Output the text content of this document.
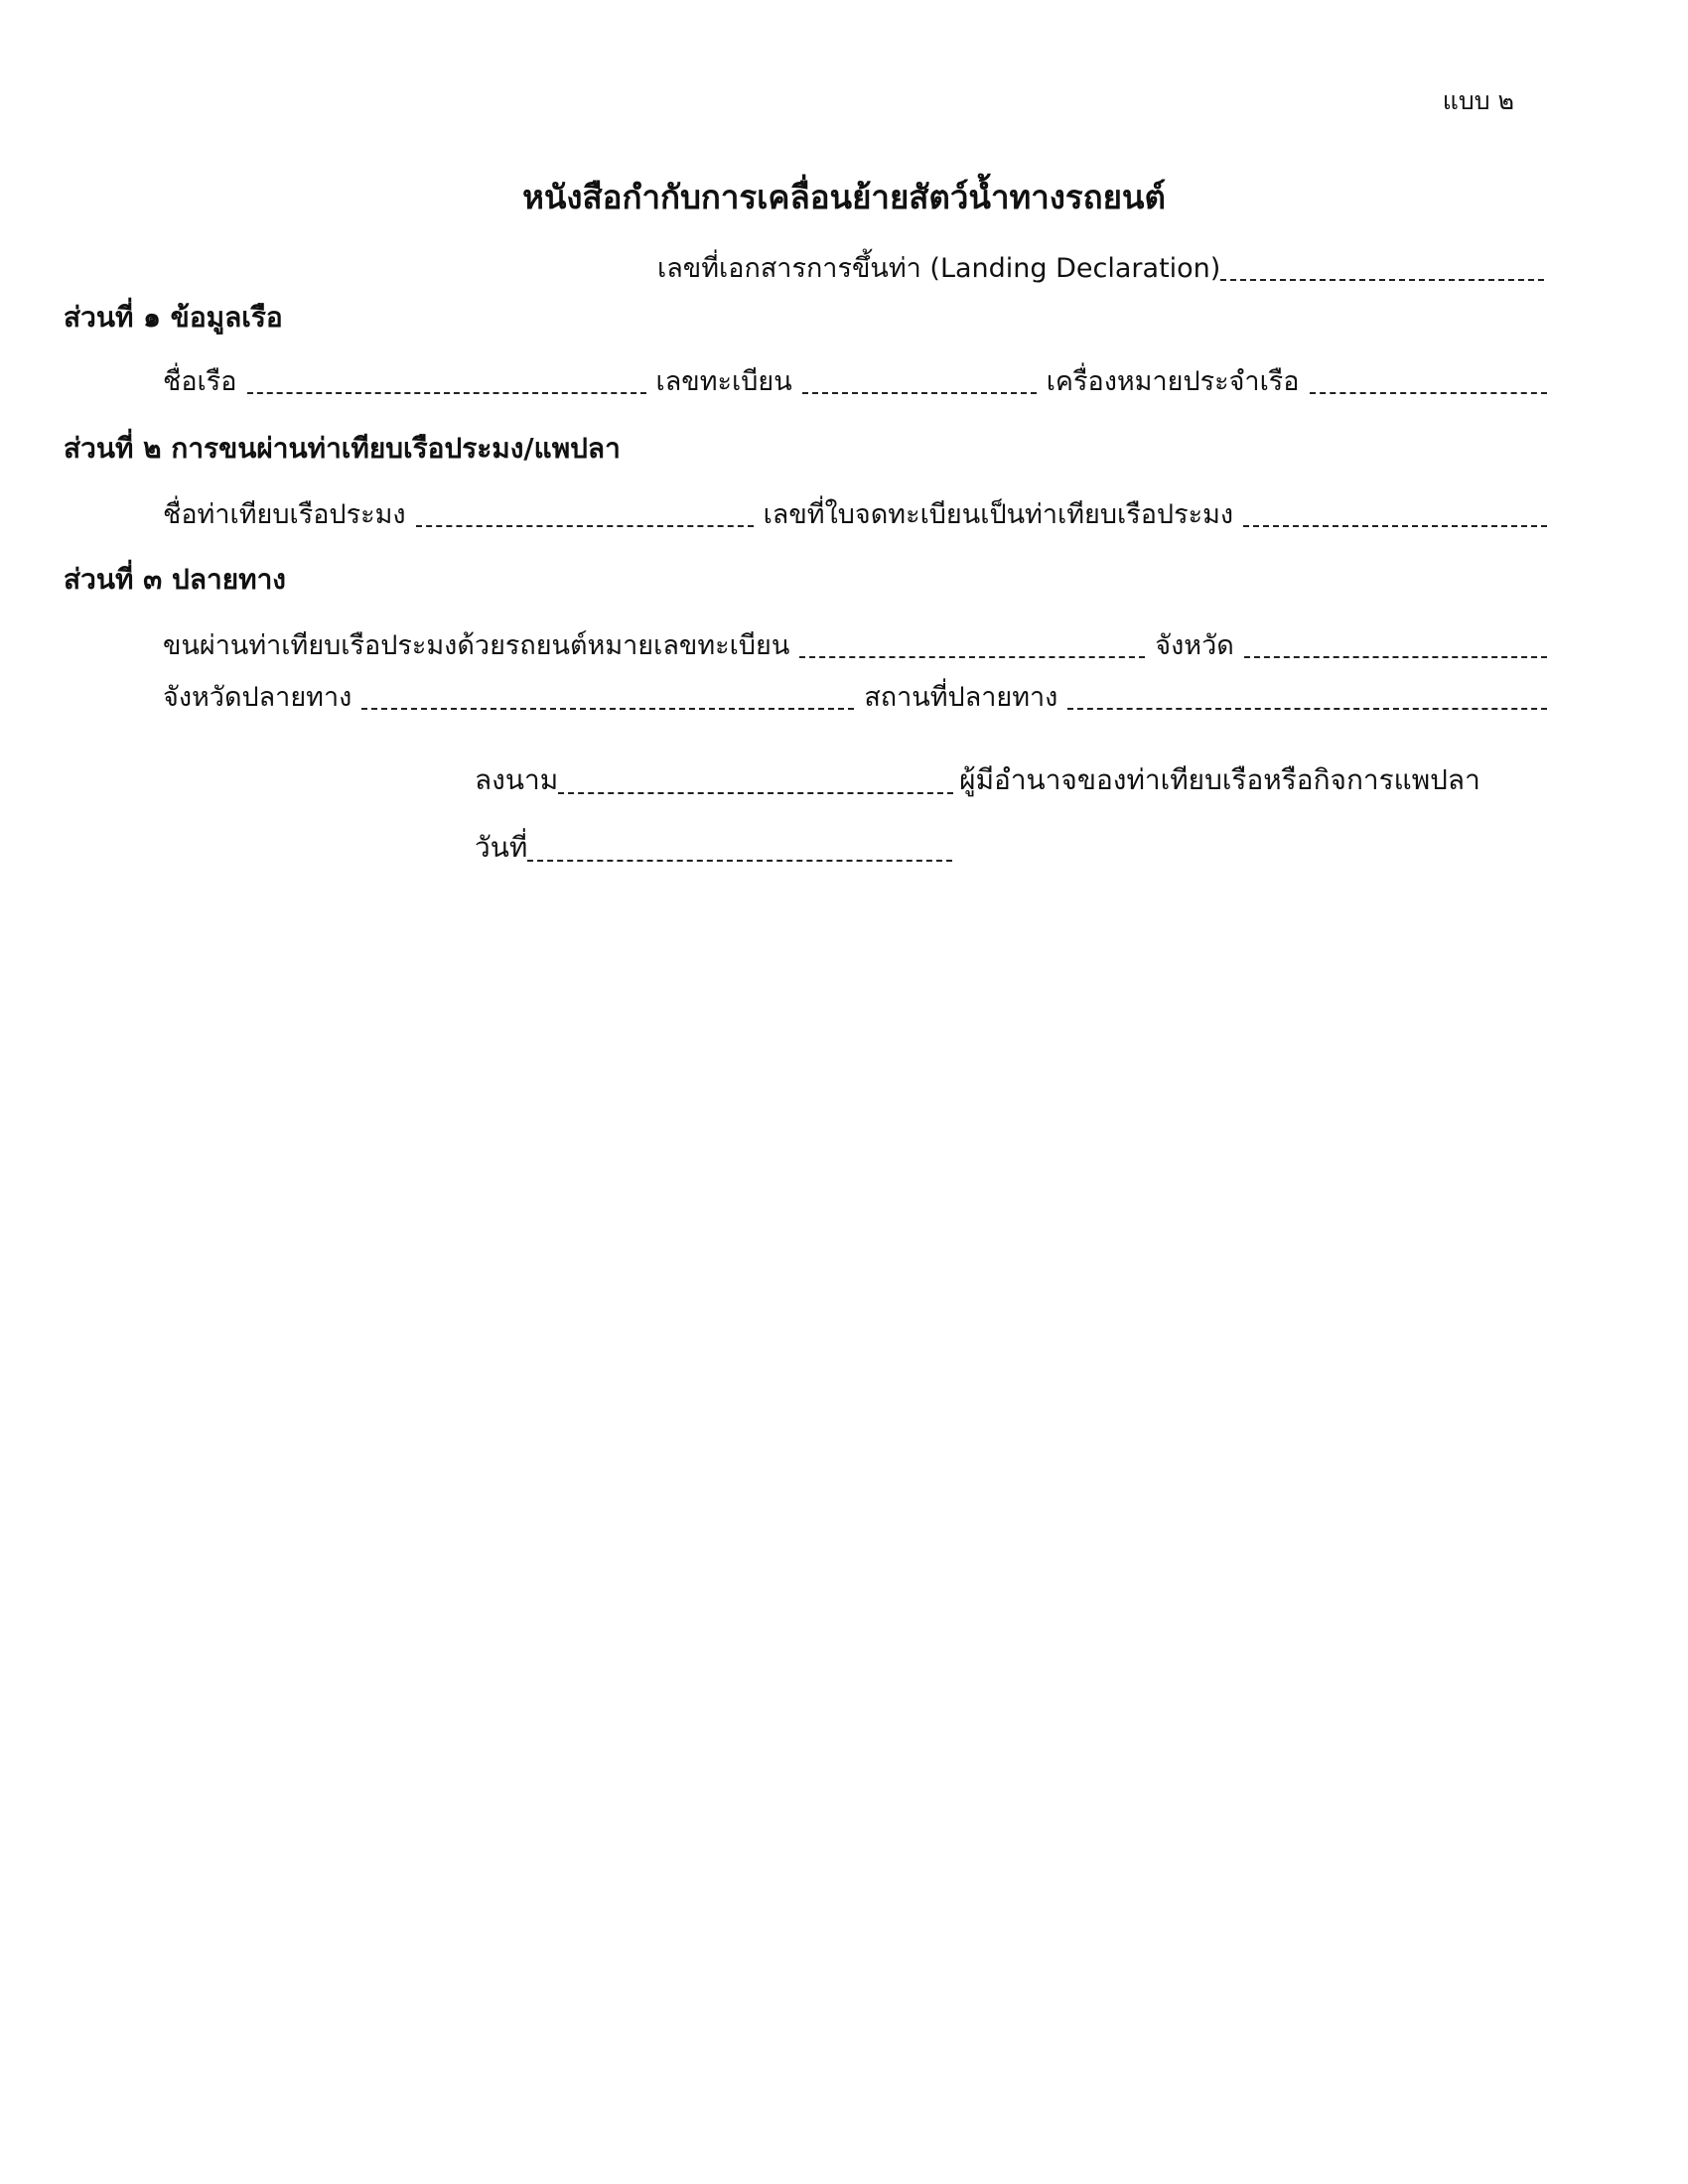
แบบ ๒
หนังสือกำกับการเคลื่อนย้ายสัตว์น้ำทางรถยนต์
เลขที่เอกสารการขึ้นท่า (Landing Declaration)
ส่วนที่ ๑ ข้อมูลเรือ
ชื่อเรือ	เลขทะเบียน	เครื่องหมายประจำเรือ
ส่วนที่ ๒ การขนผ่านท่าเทียบเรือประมง/แพปลา
ชื่อท่าเทียบเรือประมง	เลขที่ใบจดทะเบียนเป็นท่าเทียบเรือประมง
ส่วนที่ ๓ ปลายทาง
ขนผ่านท่าเทียบเรือประมงด้วยรถยนต์หมายเลขทะเบียน	จังหวัด
จังหวัดปลายทาง	สถานที่ปลายทาง
ลงนาม	ผู้มีอำนาจของท่าเทียบเรือหรือกิจการแพปลา
วันที่
